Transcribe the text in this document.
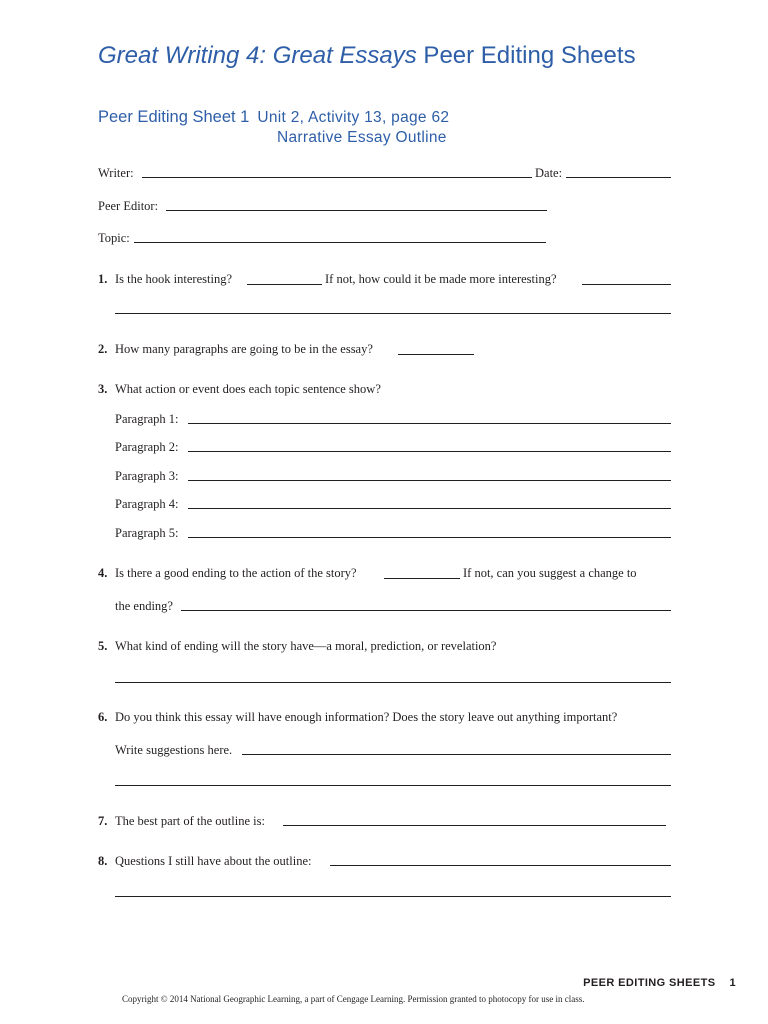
Great Writing 4: Great Essays Peer Editing Sheets
Peer Editing Sheet 1 Unit 2, Activity 13, page 62
Narrative Essay Outline
Writer:	Date:
Peer Editor:
Topic:
1. Is the hook interesting?	If not, how could it be made more interesting?
2. How many paragraphs are going to be in the essay?
3. What action or event does each topic sentence show?
Paragraph 1:
Paragraph 2:
Paragraph 3:
Paragraph 4:
Paragraph 5:
4. Is there a good ending to the action of the story?	If not, can you suggest a change to
the ending?
5. What kind of ending will the story have—a moral, prediction, or revelation?
6. Do you think this essay will have enough information? Does the story leave out anything important?
Write suggestions here.
7. The best part of the outline is:
8. Questions I still have about the outline:
PEER EDITING SHEETS 1
Copyright © 2014 National Geographic Learning, a part of Cengage Learning. Permission granted to photocopy for use in class.
